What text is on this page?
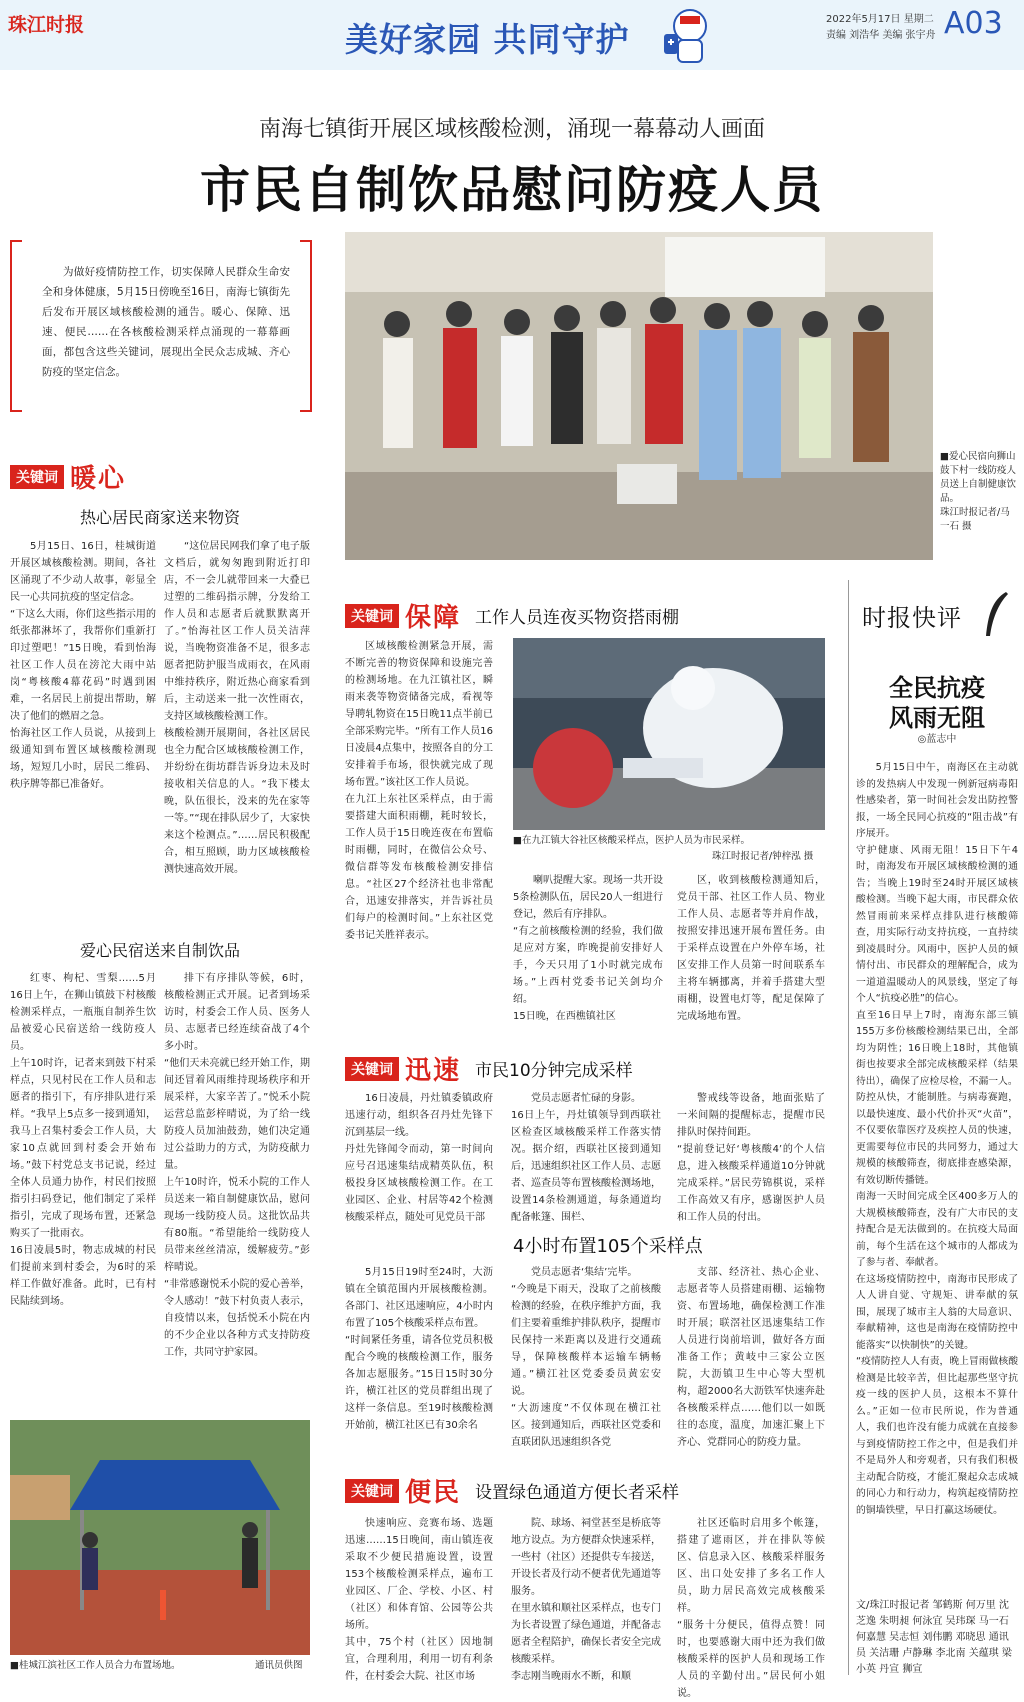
珠江时报	美好家园 共同守护
2022年5月17日 星期二
责编 刘浩华 美编 张宇舟 A03
南海七镇街开展区域核酸检测，涌现一幕幕动人画面
市民自制饮品慰问防疫人员
为做好疫情防控工作，切实保障人民群众生命安全和身体健康，5月15日傍晚至16日，南海七镇街先后发布开展区域核酸检测的通告。暖心、保障、迅速、便民……在各核酸检测采样点涌现的一幕幕画面，都包含这些关键词，展现出全民众志成城、齐心防疫的坚定信念。
■爱心民宿向狮山鼓下村一线防疫人员送上自制健康饮品。
珠江时报记者/马一石 摄
关键词 暖心
热心居民商家送来物资
5月15日、16日，桂城街道开展区域核酸检测。期间，各社区涌现了不少动人故事，彰显全民一心共同抗疫的坚定信念。
“下这么大雨，你们这些指示用的纸张都淋坏了，我帮你们重新打印过塑吧！”15日晚，看到怡海社区工作人员在滂沱大雨中站岗“粤核酸4幕花码”时遇到困难，一名居民上前提出帮助，解决了他们的燃眉之急。
怡海社区工作人员说，从接到上级通知到布置区域核酸检测现场，短短几小时，居民二维码、秩序牌等都已准备好。
“这位居民网我们拿了电子版文档后，就匆匆跑到附近打印店，不一会儿就带回来一大叠已过塑的二维码指示牌，分发给工作人员和志愿者后就默默离开了。”怡海社区工作人员关洁萍说，当晚物资准备不足，很多志愿者把防护服当成雨衣，在风雨中维持秩序，附近热心商家看到后，主动送来一批一次性雨衣，支持区域核酸检测工作。
核酸检测开展期间，各社区居民也全力配合区域核酸检测工作，并纷纷在街坊群告诉身边未及时接收相关信息的人。“我下楼太晚，队伍很长，没来的先在家等一等。”“现在排队居少了，大家快来这个检测点。”……居民积极配合，相互照顾，助力区域核酸检测快速高效开展。
爱心民宿送来自制饮品
红枣、枸杞、雪梨……5月16日上午，在狮山镇鼓下村核酸检测采样点，一瓶瓶自制养生饮品被爱心民宿送给一线防疫人员。
上午10时许，记者来到鼓下村采样点，只见村民在工作人员和志愿者的指引下，有序排队进行采样。“我早上5点多一接到通知，我马上召集村委会工作人员，大家10点就回到村委会开始布场。”鼓下村党总支书记说，经过全体人员通力协作，村民们按照指引扫码登记，他们制定了采样指引，完成了现场布置，还紧急购买了一批雨衣。
16日凌晨5时，物志成城的村民们提前来到村委会，为6时的采样工作做好准备。此时，已有村民陆续到场。
排下有序排队等候，6时，核酸检测正式开展。记者到场采访时，村委会工作人员、医务人员、志愿者已经连续奋战了4个多小时。
“他们天未亮就已经开始工作，期间还冒着风雨维持现场秩序和开展采样，大家辛苦了。”悦禾小院运营总监彭梓晴说，为了给一线防疫人员加油鼓劲，她们决定通过公益助力的方式，为防疫献力量。
上午10时许，悦禾小院的工作人员送来一箱自制健康饮品，慰问现场一线防疫人员。这批饮品共有80瓶。“希望能给一线防疫人员带来丝丝清凉，缓解疲劳。”彭梓晴说。
“非常感谢悦禾小院的爱心善举，令人感动！”鼓下村负责人表示，自疫情以来，包括悦禾小院在内的不少企业以各种方式支持防疫工作，共同守护家园。
■桂城江滨社区工作人员合力布置场地。	通讯员供图
关键词 保障 工作人员连夜买物资搭雨棚
区域核酸检测紧急开展，需不断完善的物资保障和设施完善的检测场地。在九江镇社区，瞬雨来袭等物资储备完成，看视等导聘轧物资在15日晚11点半前已全部采购完毕。“所有工作人员16日凌晨4点集中，按照各自的分工安排着手布场，很快就完成了现场布置。”该社区工作人员说。
在九江上东社区采样点，由于需要搭建大面积雨棚，耗时较长，工作人员于15日晚连夜在布置临时雨棚，同时，在微信公众号、微信群等发布核酸检测安排信息。“社区27个经济社也非常配合，迅速安排落实，并告诉社员们每户的检测时间。”上东社区党委书记关胜祥表示。
■在九江镇大谷社区核酸采样点，医护人员为市民采样。
珠江时报记者/钟梓泓 摄
喇叭提醒大家。现场一共开设5条检测队伍，居民20人一组进行登记，然后有序排队。
“有之前核酸检测的经验，我们做足应对方案，昨晚提前安排好人手，今天只用了1小时就完成布场。”上西村党委书记关剑均介绍。
15日晚，在西樵镇社区
区，收到核酸检测通知后，党员干部、社区工作人员、物业工作人员、志愿者等并肩作战，按照安排迅速开展布置任务。由于采样点设置在户外停车场，社区安排工作人员第一时间联系车主将车辆挪离，并着手搭建大型雨棚，设置电灯等，配足保障了完成场地布置。
关键词 迅速 市民10分钟完成采样
16日凌晨，丹灶镇委镇政府迅速行动，组织各召丹灶先锋下沉到基层一线。
丹灶先锋闻令而动，第一时间向应号召迅速集结成精英队伍，积极投身区域核酸检测工作。在工业园区、企业、村居等42个检测核酸采样点，随处可见党员干部
党员志愿者忙碌的身影。
16日上午，丹灶镇领导到西联社区检查区域核酸采样工作落实情况。据介绍，西联社区接到通知后，迅速组织社区工作人员、志愿者、巡查员等布置核酸检测场地，设置14条检测通道，每条通道均配备帐篷、围栏、
警戒线等设备，地面张贴了一米间隔的提醒标志，提醒市民排队时保持间距。
“提前登记好‘粤核酸4’的个人信息，进入核酸采样通道10分钟就完成采样。”居民劳锦棋说，采样工作高效又有序，感谢医护人员和工作人员的付出。
4小时布置105个采样点
5月15日19时至24时，大沥镇在全镇范围内开展核酸检测。各部门、社区迅速响应，4小时内布置了105个核酸采样点布置。
“时间紧任务重，请各位党员积极配合今晚的核酸检测工作，服务各加志愿服务。”15日15时30分许，横江社区的党员群组出现了这样一条信息。至19时核酸检测开始前，横江社区已有30余名
党员志愿者‘集结’完毕。
“今晚是下雨天，没取了之前核酸检测的经验，在秩序维护方面，我们主要着重维护排队秩序，提醒市民保持一米距离以及进行交通疏导，保障核酸样本运输车辆畅通。”横江社区党委委员黄宏安说。
“大沥速度”不仅体现在横江社区。接到通知后，西联社区党委和直联团队迅速组织各党
支部、经济社、热心企业、志愿者等人员搭建雨棚、运输物资、布置场地，确保检测工作准时开展；联滘社区迅速集结工作人员进行岗前培训，做好各方面准备工作；黄岐中三家公立医院，大沥镇卫生中心等大型机构，超2000名大沥铁军快速奔赴各核酸采样点……他们以一如既往的态度，温度，加速汇聚上下齐心、党群同心的防疫力量。
关键词 便民 设置绿色通道方便长者采样
快速响应、竞赛布场、选题迅速……15日晚间，南山镇连夜采取不少便民措施设置，设置153个核酸检测采样点，遍布工业园区、厂企、学校、小区、村（社区）和体育馆、公园等公共场所。
其中，75个村（社区）因地制宜，合理利用，利用一切有利条件，在村委会大院、社区市场
院、球场、祠堂甚至是桥底等地方设点。为方便群众快速采样，一些村（社区）还提供专车接送，开设长者及行动不便者优先通道等服务。
在里水镇和顺社区采样点，也专门为长者设置了绿色通道，并配备志愿者全程陪护，确保长者安全完成核酸采样。
李志刚当晚雨水不断，和顺
社区还临时启用多个帐篷，搭建了遮雨区，并在排队等候区、信息录入区、核酸采样服务区、出口处安排了多名工作人员，助力居民高效完成核酸采样。
“服务十分便民，值得点赞！同时，也要感谢大雨中还为我们做核酸采样的医护人员和现场工作人员的辛勤付出。”居民何小姐说。
时报快评
全民抗疫
风雨无阻
◎蓝志中
5月15日中午，南海区在主动就诊的发热病人中发现一例新冠病毒阳性感染者，第一时间社会发出防控警报，一场全民同心抗疫的“阻击战”有序展开。
守护健康、风雨无阻！15日下午4时，南海发布开展区域核酸检测的通告；当晚上19时至24时开展区域核酸检测。当晚下起大雨，市民群众依然冒雨前来采样点排队进行核酸筛查，用实际行动支持抗疫，一直持续到凌晨时分。风雨中，医护人员的倾情付出、市民群众的理解配合，成为一道道温暖动人的风景线，坚定了每个人“抗疫必胜”的信心。
直至16日早上7时，南海东部三镇155万多份核酸检测结果已出，全部均为阴性；16日晚上18时，其他镇街也按要求全部完成核酸采样（结果待出），确保了应检尽检，不漏一人。
防控从快，才能制胜。与病毒赛跑，以最快速度、最小代价扑灭“火苗”，不仅要依靠医疗及疾控人员的快速，更需要每位市民的共同努力，通过大规模的核酸筛查，彻底排查感染源，有效切断传播链。
南海一天时间完成全区400多万人的大规模核酸筛查，没有广大市民的支持配合是无法做到的。在抗疫大局面前，每个生活在这个城市的人都成为了参与者、奉献者。
在这场疫情防控中，南海市民形成了人人讲自觉、守规矩、讲奉献的氛围，展现了城市主人翁的大局意识、奉献精神，这也是南海在疫情防控中能落实“以快制快”的关键。
“疫情防控人人有责，晚上冒雨做核酸检测是比较辛苦，但比起那些坚守抗疫一线的医护人员，这根本不算什么。”正如一位市民所说，作为普通人，我们也许没有能力成就在直接参与到疫情防控工作之中，但是我们并不是局外人和旁观者，只有我们积极主动配合防疫，才能汇聚起众志成城的同心力和行动力，构筑起疫情防控的铜墙铁壁，早日打赢这场硬仗。
文/珠江时报记者 邹鹤斯 何万里 沈芝逸 朱明昶 何泳宜 吴玮琛 马一石 何嘉慧 吴志恒 刘伟鹏 邓晓思 通讯员 关洁珊 卢静琳 李北南 关蕴琪 梁小英 丹宣 狮宣
